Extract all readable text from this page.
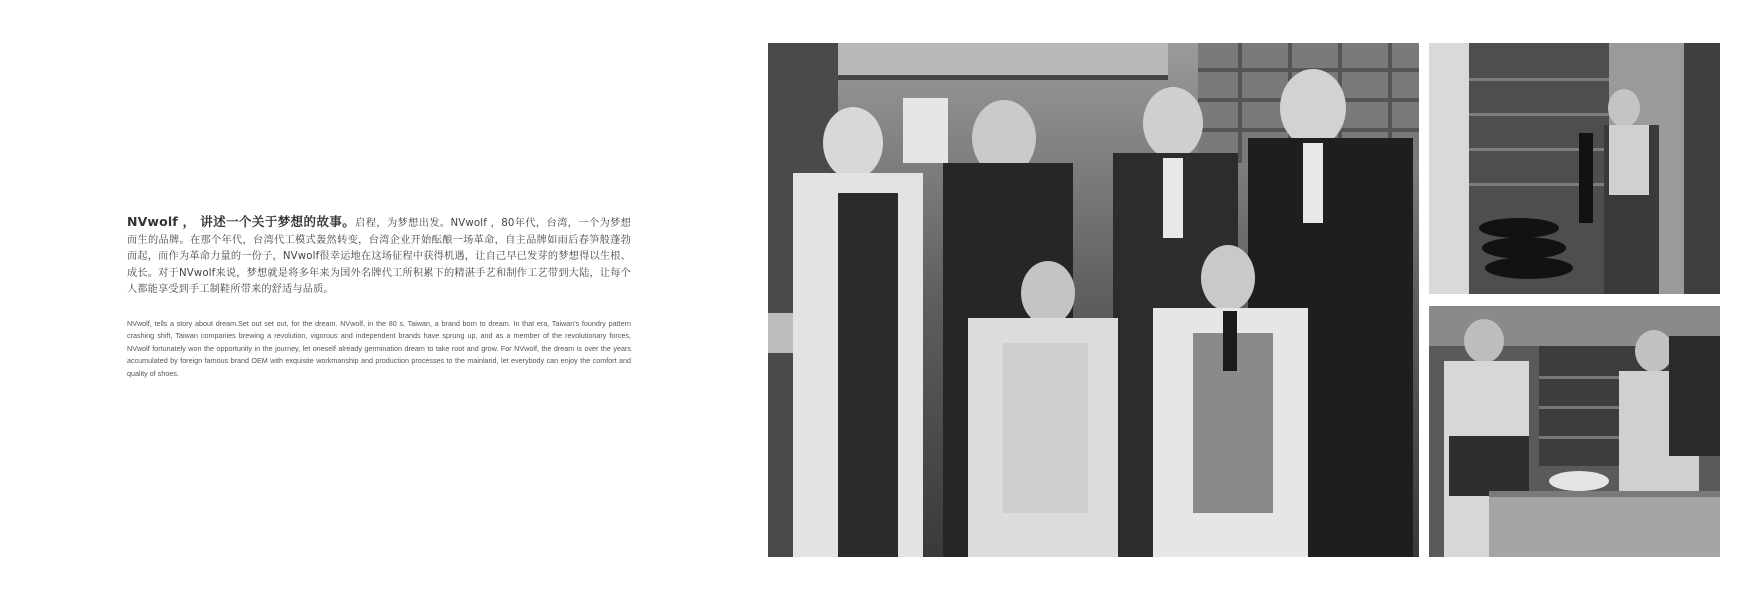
NVwolf ， 讲述一个关于梦想的故事。启程，为梦想出发。NVwolf ，80年代，台湾，一个为梦想而生的品牌。在那个年代，台湾代工模式轰然转变，台湾企业开始酝酿一场革命，自主品牌如雨后春笋般蓬勃而起，而作为革命力量的一份子，NVwolf很幸运地在这场征程中获得机遇，让自己早已发芽的梦想得以生根、成长。对于NVwolf来说，梦想就是将多年来为国外名牌代工所积累下的精湛手艺和制作工艺带到大陆，让每个人都能享受到手工制鞋所带来的舒适与品质。

NVwolf, tells a story about dream.Set out set out, for the dream. NVwolf, in the 80 s, Taiwan, a brand born to dream. In that era, Taiwan's foundry pattern crashing shift, Taiwan companies brewing a revolution, vigorous and independent brands have sprung up, and as a member of the revolutionary forces, NVwolf fortunately won the opportunity in the journey, let oneself already germination dream to take root and grow. For NVwolf, the dream is over the years accumulated by foreign famous brand OEM with exquisite workmanship and production processes to the mainland, let everybody can enjoy the comfort and quality of shoes.
